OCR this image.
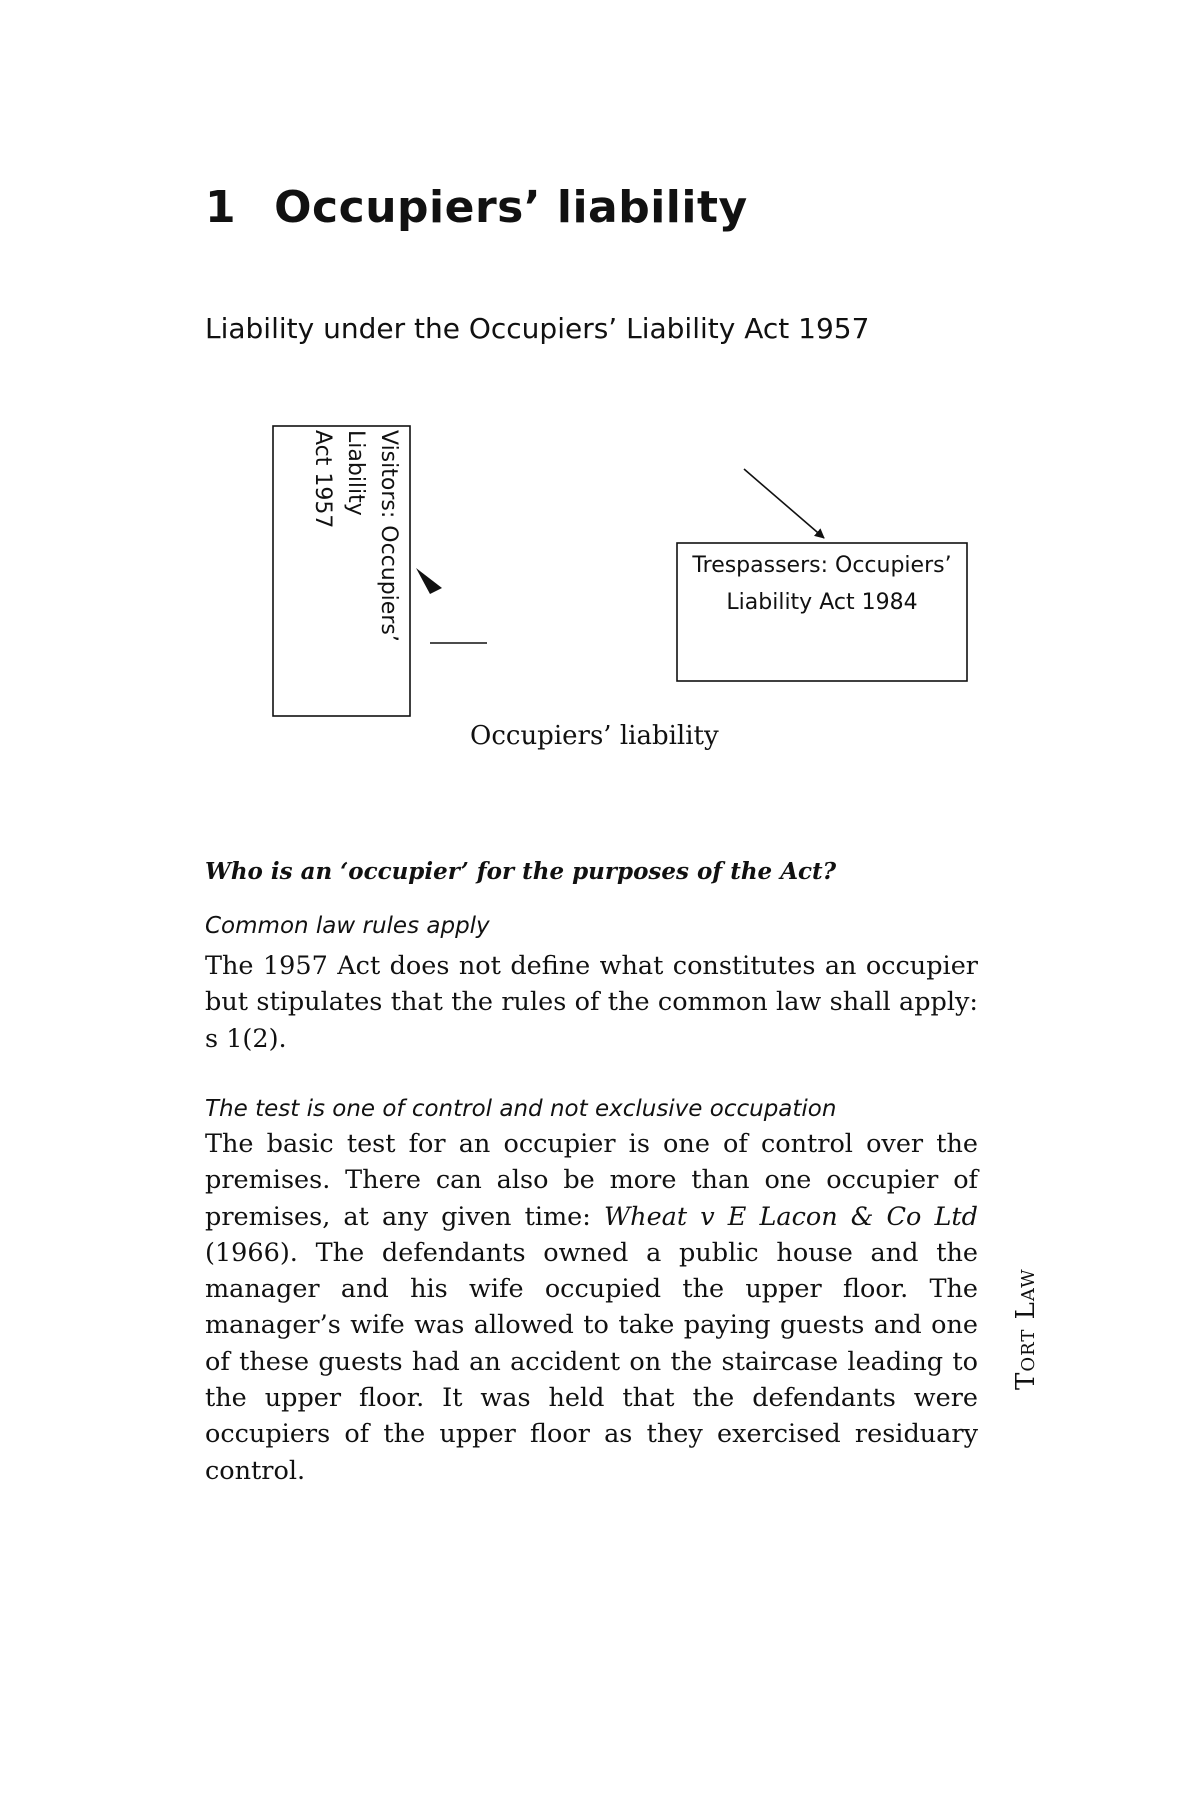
1 Occupiers’ liability
Liability under the Occupiers’ Liability Act 1957
Visitors: Occupiers’
Liability
Act 1957
Trespassers: Occupiers’
Liability Act 1984
Occupiers’ liability
Who is an ‘occupier’ for the purposes of the Act?
Common law rules apply

The 1957 Act does not define what constitutes an occupier but stipulates that the rules of the common law shall apply: s 1(2).

The test is one of control and not exclusive occupation

The basic test for an occupier is one of control over the premises. There can also be more than one occupier of premises, at any given time: Wheat v E Lacon & Co Ltd (1966). The defendants owned a public house and the manager and his wife occupied the upper floor. The manager’s wife was allowed to take paying guests and one of these guests had an accident on the staircase leading to the upper floor. It was held that the defendants were occupiers of the upper floor as they exercised residuary control.

Tort Law
